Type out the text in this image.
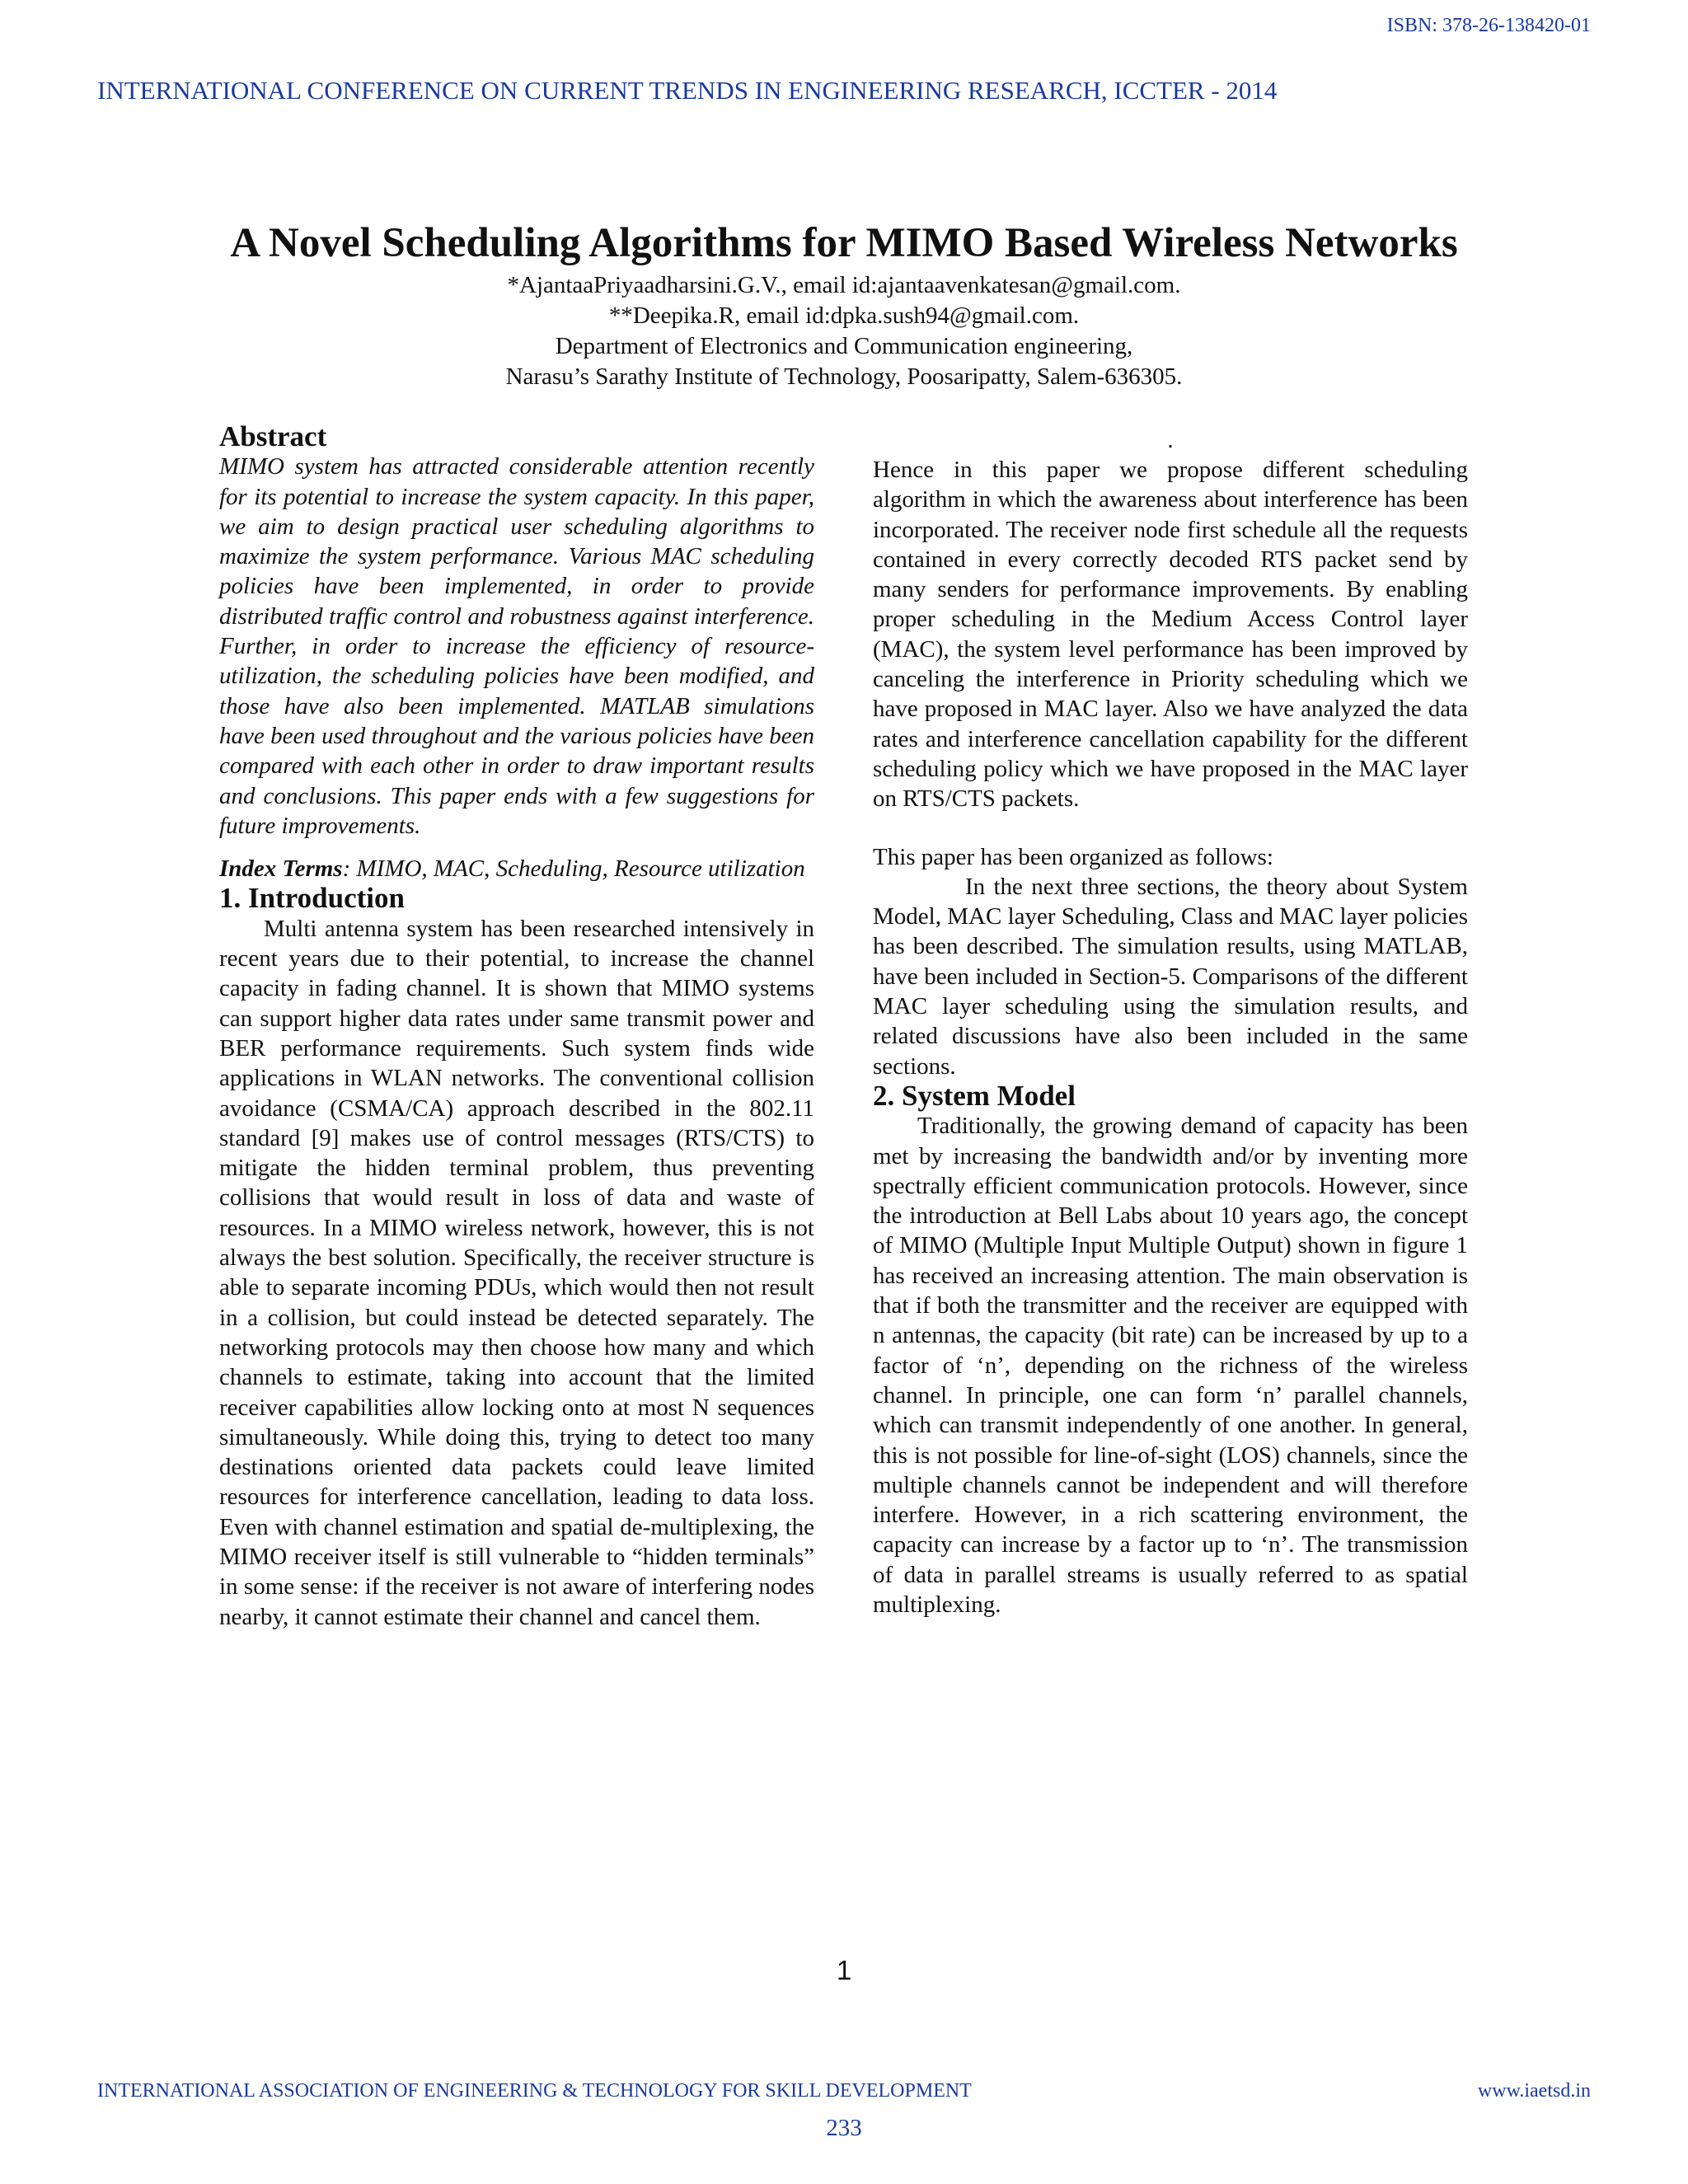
ISBN: 378-26-138420-01
INTERNATIONAL CONFERENCE ON CURRENT TRENDS IN ENGINEERING RESEARCH, ICCTER - 2014
A Novel Scheduling Algorithms for MIMO Based Wireless Networks
*AjantaaPriyaadharsini.G.V., email id:ajantaavenkatesan@gmail.com.
**Deepika.R, email id:dpka.sush94@gmail.com.
Department of Electronics and Communication engineering,
Narasu’s Sarathy Institute of Technology, Poosaripatty, Salem-636305.

Abstract

MIMO system has attracted considerable attention recently for its potential to increase the system capacity. In this paper, we aim to design practical user scheduling algorithms to maximize the system performance. Various MAC scheduling policies have been implemented, in order to provide distributed traffic control and robustness against interference. Further, in order to increase the efficiency of resource-utilization, the scheduling policies have been modified, and those have also been implemented. MATLAB simulations have been used throughout and the various policies have been compared with each other in order to draw important results and conclusions. This paper ends with a few suggestions for future improvements.

Index Terms: MIMO, MAC, Scheduling, Resource utilization

1. Introduction

Multi antenna system has been researched intensively in recent years due to their potential, to increase the channel capacity in fading channel. It is shown that MIMO systems can support higher data rates under same transmit power and BER performance requirements. Such system finds wide applications in WLAN networks. The conventional collision avoidance (CSMA/CA) approach described in the 802.11 standard [9] makes use of control messages (RTS/CTS) to mitigate the hidden terminal problem, thus preventing collisions that would result in loss of data and waste of resources. In a MIMO wireless network, however, this is not always the best solution. Specifically, the receiver structure is able to separate incoming PDUs, which would then not result in a collision, but could instead be detected separately. The networking protocols may then choose how many and which channels to estimate, taking into account that the limited receiver capabilities allow locking onto at most N sequences simultaneously. While doing this, trying to detect too many destinations oriented data packets could leave limited resources for interference cancellation, leading to data loss. Even with channel estimation and spatial de-multiplexing, the MIMO receiver itself is still vulnerable to “hidden terminals” in some sense: if the receiver is not aware of interfering nodes nearby, it cannot estimate their channel and cancel them.

.

Hence in this paper we propose different scheduling algorithm in which the awareness about interference has been incorporated. The receiver node first schedule all the requests contained in every correctly decoded RTS packet send by many senders for performance improvements. By enabling proper scheduling in the Medium Access Control layer (MAC), the system level performance has been improved by canceling the interference in Priority scheduling which we have proposed in MAC layer. Also we have analyzed the data rates and interference cancellation capability for the different scheduling policy which we have proposed in the MAC layer on RTS/CTS packets.

This paper has been organized as follows:

In the next three sections, the theory about System Model, MAC layer Scheduling, Class and MAC layer policies has been described. The simulation results, using MATLAB, have been included in Section-5. Comparisons of the different MAC layer scheduling using the simulation results, and related discussions have also been included in the same sections.

2. System Model

Traditionally, the growing demand of capacity has been met by increasing the bandwidth and/or by inventing more spectrally efficient communication protocols. However, since the introduction at Bell Labs about 10 years ago, the concept of MIMO (Multiple Input Multiple Output) shown in figure 1 has received an increasing attention. The main observation is that if both the transmitter and the receiver are equipped with n antennas, the capacity (bit rate) can be increased by up to a factor of ‘n’, depending on the richness of the wireless channel. In principle, one can form ‘n’ parallel channels, which can transmit independently of one another. In general, this is not possible for line-of-sight (LOS) channels, since the multiple channels cannot be independent and will therefore interfere. However, in a rich scattering environment, the capacity can increase by a factor up to ‘n’. The transmission of data in parallel streams is usually referred to as spatial multiplexing.

1
INTERNATIONAL ASSOCIATION OF ENGINEERING & TECHNOLOGY FOR SKILL DEVELOPMENT	www.iaetsd.in
233
